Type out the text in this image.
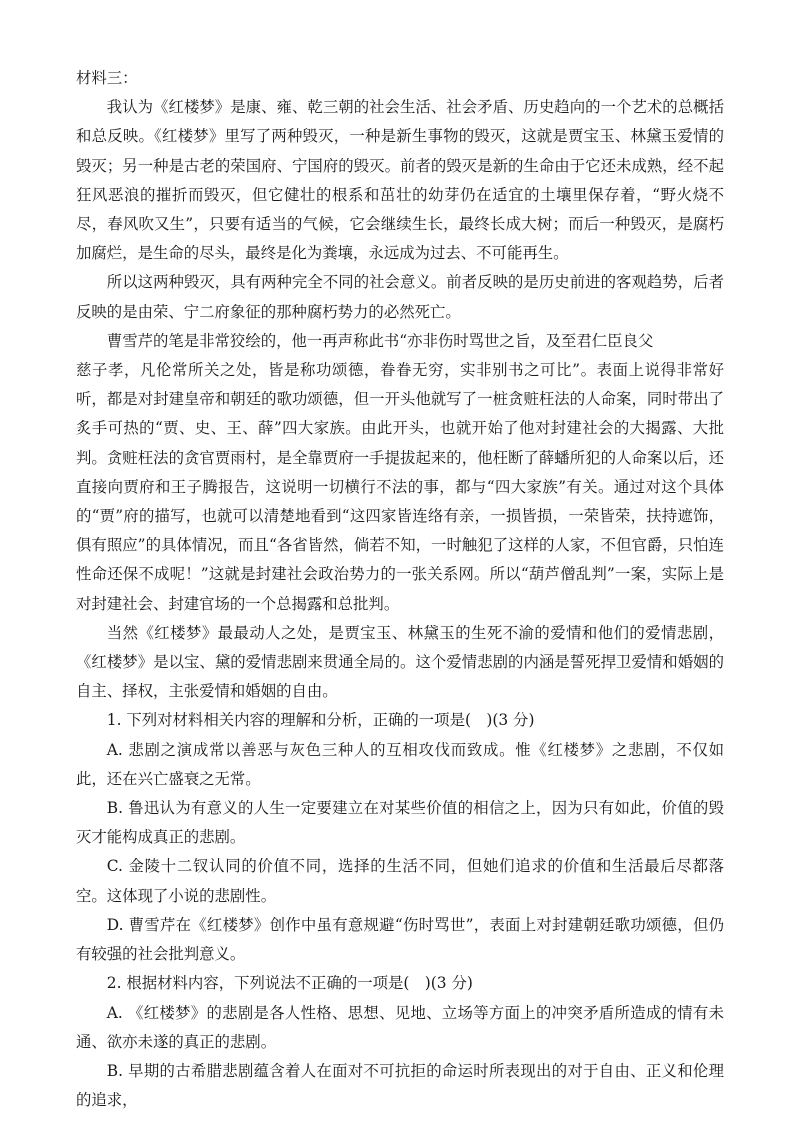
材料三：

我认为《红楼梦》是康、雍、乾三朝的社会生活、社会矛盾、历史趋向的一个艺术的总概括和总反映。《红楼梦》里写了两种毁灭，一种是新生事物的毁灭，这就是贾宝玉、林黛玉爱情的毁灭；另一种是古老的荣国府、宁国府的毁灭。前者的毁灭是新的生命由于它还未成熟，经不起狂风恶浪的摧折而毁灭，但它健壮的根系和茁壮的幼芽仍在适宜的土壤里保存着，“野火烧不尽，春风吹又生”，只要有适当的气候，它会继续生长，最终长成大树；而后一种毁灭，是腐朽加腐烂，是生命的尽头，最终是化为粪壤，永远成为过去、不可能再生。

所以这两种毁灭，具有两种完全不同的社会意义。前者反映的是历史前进的客观趋势，后者反映的是由荣、宁二府象征的那种腐朽势力的必然死亡。

曹雪芹的笔是非常狡绘的，他一再声称此书“亦非伤时骂世之旨，及至君仁臣良父

慈子孝，凡伦常所关之处，皆是称功颂德，眷眷无穷，实非别书之可比”。表面上说得非常好听，都是对封建皇帝和朝廷的歌功颂德，但一开头他就写了一桩贪赃枉法的人命案，同时带出了炙手可热的“贾、史、王、薛”四大家族。由此开头，也就开始了他对封建社会的大揭露、大批判。贪赃枉法的贪官贾雨村，是全靠贾府一手提拔起来的，他枉断了薛蟠所犯的人命案以后，还直接向贾府和王子腾报告，这说明一切横行不法的事，都与“四大家族”有关。通过对这个具体的“贾”府的描写，也就可以清楚地看到“这四家皆连络有亲，一损皆损，一荣皆荣，扶持遮饰，俱有照应”的具体情况，而且“各省皆然，倘若不知，一时触犯了这样的人家，不但官爵，只怕连性命还保不成呢！”这就是封建社会政治势力的一张关系网。所以“葫芦僧乱判”一案，实际上是对封建社会、封建官场的一个总揭露和总批判。

当然《红楼梦》最最动人之处，是贾宝玉、林黛玉的生死不渝的爱情和他们的爱情悲剧，《红楼梦》是以宝、黛的爱情悲剧来贯通全局的。这个爱情悲剧的内涵是誓死捍卫爱情和婚姻的自主、择权，主张爱情和婚姻的自由。

1. 下列对材料相关内容的理解和分析，正确的一项是(　)(3 分)

A. 悲剧之演成常以善恶与灰色三种人的互相攻伐而致成。惟《红楼梦》之悲剧，不仅如此，还在兴亡盛衰之无常。

B. 鲁迅认为有意义的人生一定要建立在对某些价值的相信之上，因为只有如此，价值的毁灭才能构成真正的悲剧。

C. 金陵十二钗认同的价值不同，选择的生活不同，但她们追求的价值和生活最后尽都落空。这体现了小说的悲剧性。

D. 曹雪芹在《红楼梦》创作中虽有意规避“伤时骂世”，表面上对封建朝廷歌功颂德，但仍有较强的社会批判意义。

2. 根据材料内容，下列说法不正确的一项是(　)(3 分)

A. 《红楼梦》的悲剧是各人性格、思想、见地、立场等方面上的冲突矛盾所造成的情有未通、欲亦未遂的真正的悲剧。

B. 早期的古希腊悲剧蕴含着人在面对不可抗拒的命运时所表现出的对于自由、正义和伦理的追求，
